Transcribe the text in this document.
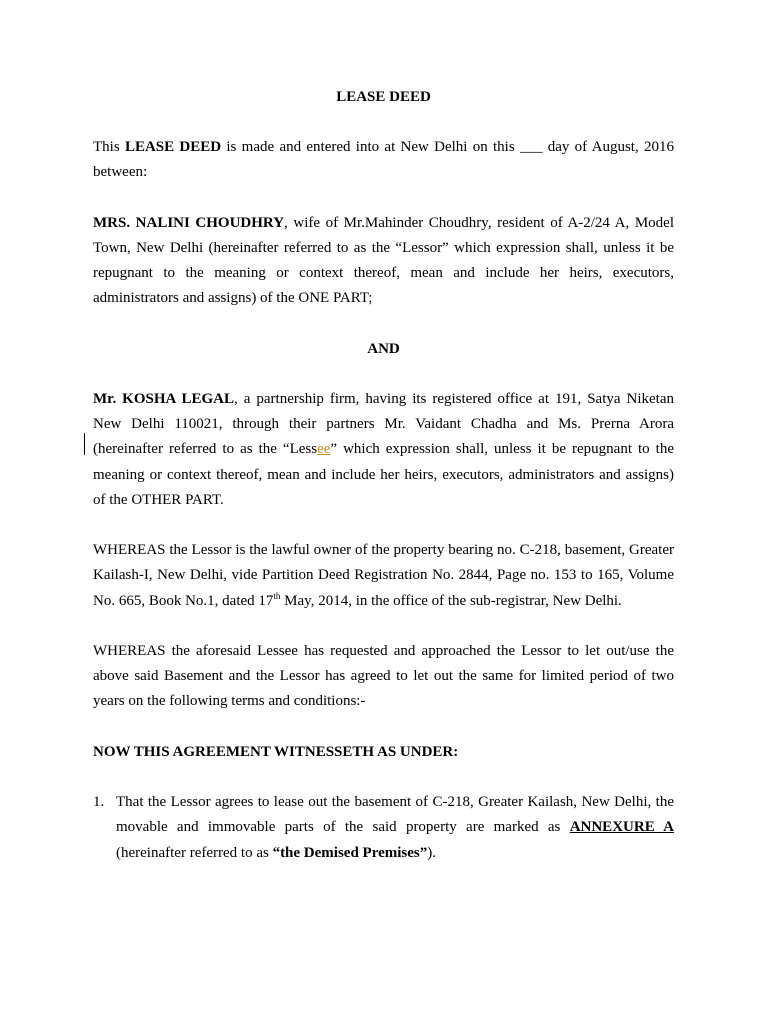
LEASE DEED

This LEASE DEED is made and entered into at New Delhi on this ___ day of August, 2016 between:

MRS. NALINI CHOUDHRY, wife of Mr.Mahinder Choudhry, resident of A-2/24 A, Model Town, New Delhi (hereinafter referred to as the “Lessor” which expression shall, unless it be repugnant to the meaning or context thereof, mean and include her heirs, executors, administrators and assigns) of the ONE PART;

AND

Mr. KOSHA LEGAL, a partnership firm, having its registered office at 191, Satya Niketan New Delhi 110021, through their partners Mr. Vaidant Chadha and Ms. Prerna Arora (hereinafter referred to as the “Lessee” which expression shall, unless it be repugnant to the meaning or context thereof, mean and include her heirs, executors, administrators and assigns) of the OTHER PART.

WHEREAS the Lessor is the lawful owner of the property bearing no. C-218, basement, Greater Kailash-I, New Delhi, vide Partition Deed Registration No. 2844, Page no. 153 to 165, Volume No. 665, Book No.1, dated 17th May, 2014, in the office of the sub-registrar, New Delhi.

WHEREAS the aforesaid Lessee has requested and approached the Lessor to let out/use the above said Basement and the Lessor has agreed to let out the same for limited period of two years on the following terms and conditions:-

NOW THIS AGREEMENT WITNESSETH AS UNDER:

1. That the Lessor agrees to lease out the basement of C-218, Greater Kailash, New Delhi, the movable and immovable parts of the said property are marked as ANNEXURE A (hereinafter referred to as “the Demised Premises”).
